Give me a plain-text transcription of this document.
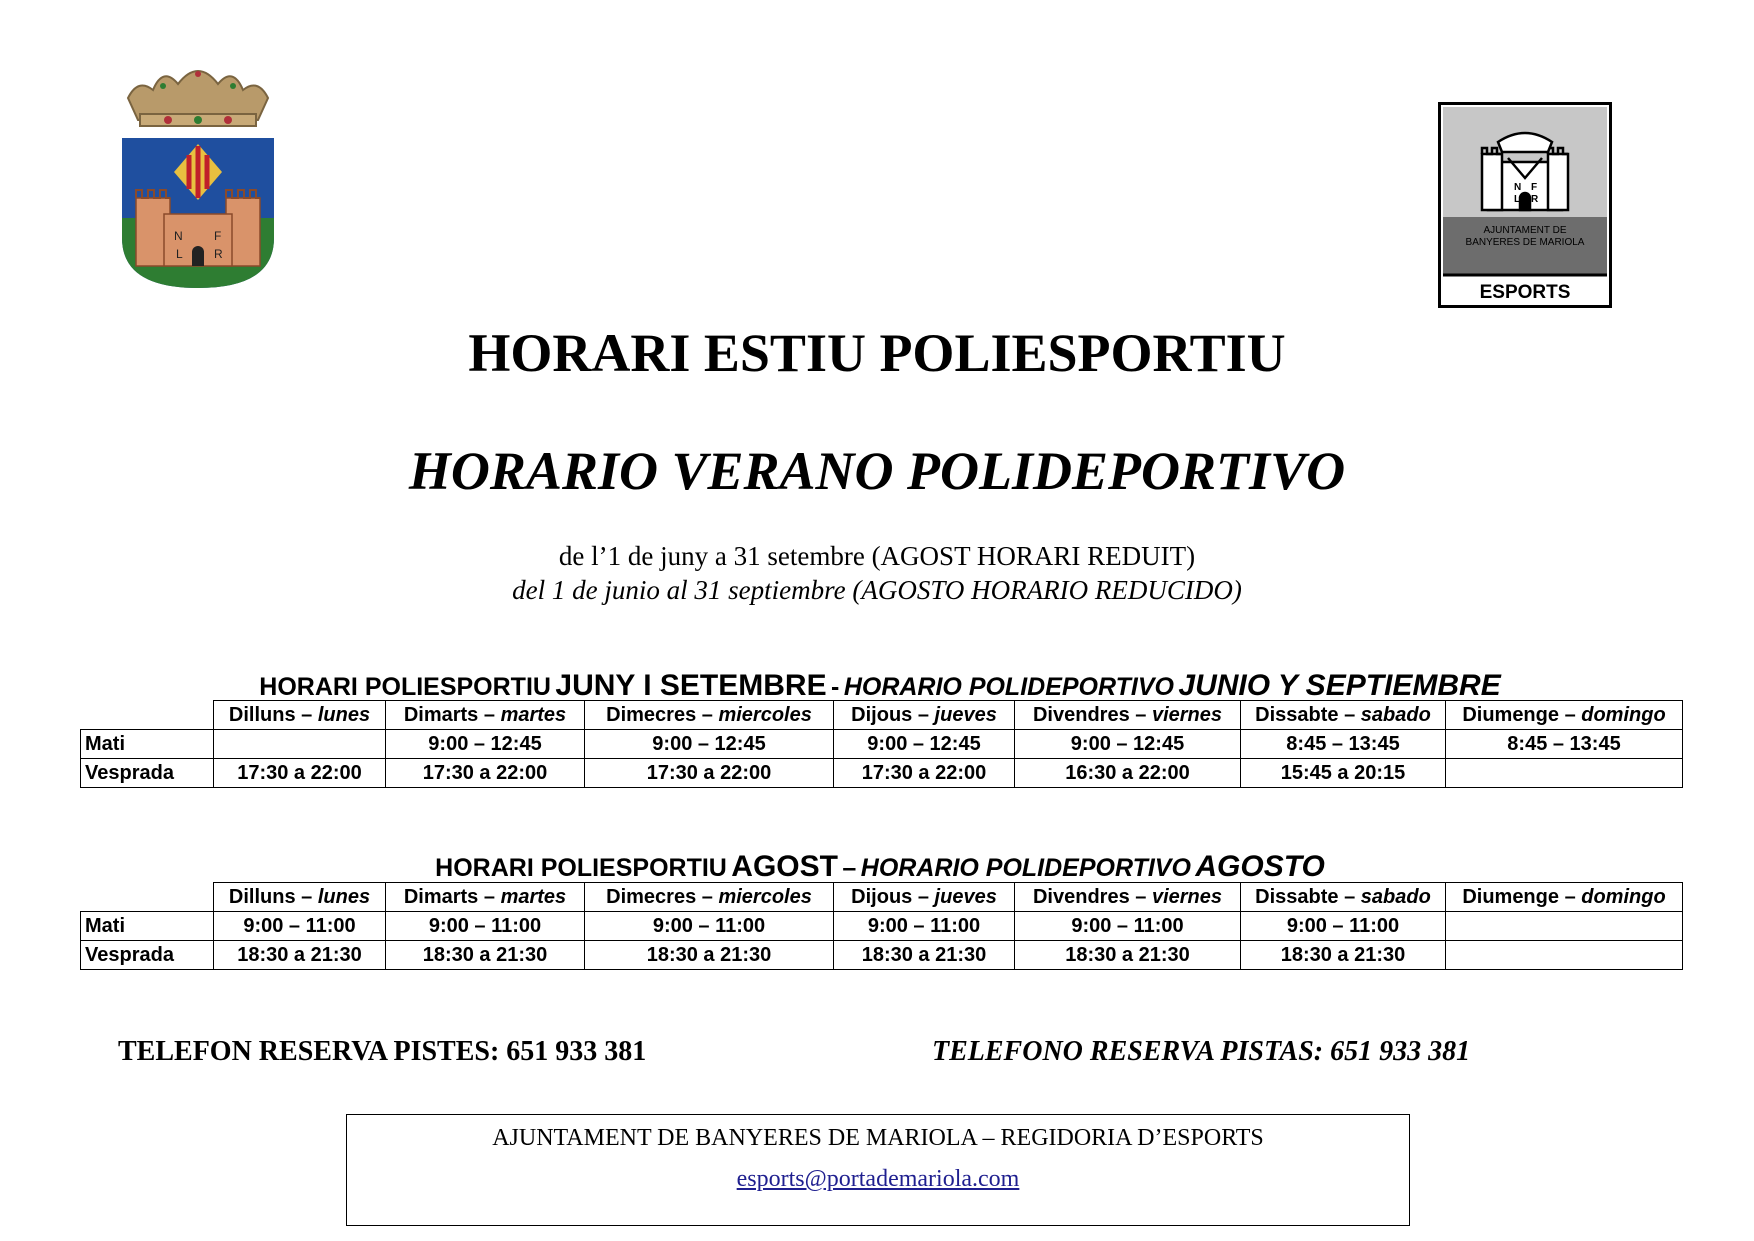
N	F
L	R
N F
L R
AJUNTAMENT DE
BANYERES DE MARIOLA
ESPORTS
HORARI ESTIU POLIESPORTIU
HORARIO VERANO POLIDEPORTIVO
de l’1 de juny a 31 setembre (AGOST HORARI REDUIT)
del 1 de junio al 31 septiembre (AGOSTO HORARIO REDUCIDO)
HORARI POLIESPORTIU JUNY I SETEMBRE - HORARIO POLIDEPORTIVO JUNIO Y SEPTIEMBRE
	Dilluns – lunes	Dimarts – martes	Dimecres – miercoles	Dijous – jueves	Divendres – viernes	Dissabte – sabado	Diumenge – domingo
Mati		9:00 – 12:45	9:00 – 12:45	9:00 – 12:45	9:00 – 12:45	8:45 – 13:45	8:45 – 13:45
Vesprada	17:30 a 22:00	17:30 a 22:00	17:30 a 22:00	17:30 a 22:00	16:30 a 22:00	15:45 a 20:15	
HORARI POLIESPORTIU AGOST – HORARIO POLIDEPORTIVO AGOSTO
	Dilluns – lunes	Dimarts – martes	Dimecres – miercoles	Dijous – jueves	Divendres – viernes	Dissabte – sabado	Diumenge – domingo
Mati	9:00 – 11:00	9:00 – 11:00	9:00 – 11:00	9:00 – 11:00	9:00 – 11:00	9:00 – 11:00	
Vesprada	18:30 a 21:30	18:30 a 21:30	18:30 a 21:30	18:30 a 21:30	18:30 a 21:30	18:30 a 21:30	
TELEFON RESERVA PISTES: 651 933 381	TELEFONO RESERVA PISTAS: 651 933 381
AJUNTAMENT DE BANYERES DE MARIOLA – REGIDORIA D’ESPORTS
esports@portademariola.com
